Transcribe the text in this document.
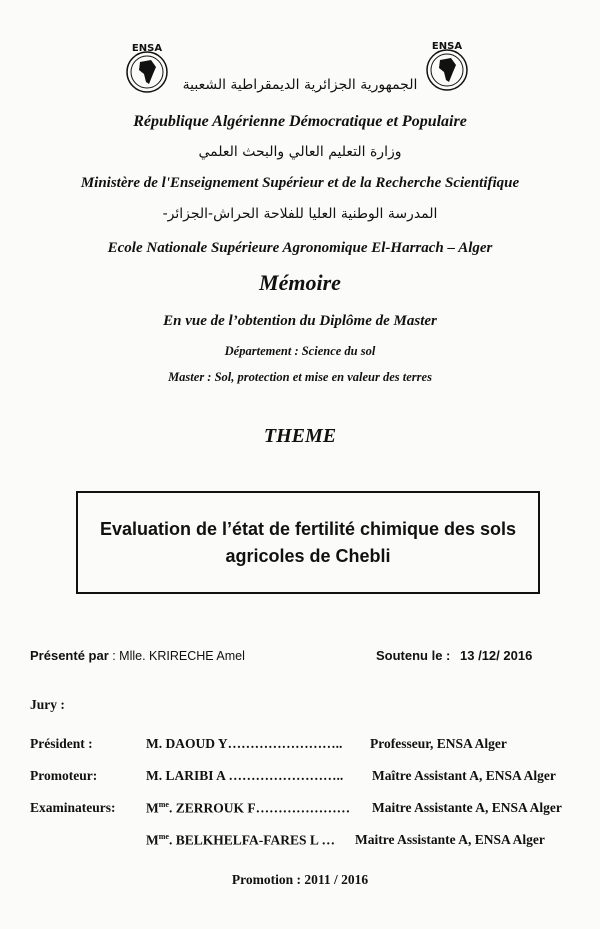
ENSA	ENSA
الجمهورية الجزائرية الديمقراطية الشعبية
République Algérienne Démocratique et Populaire
وزارة التعليم العالي والبحث العلمي
Ministère de l'Enseignement Supérieur et de la Recherche Scientifique
المدرسة الوطنية العليا للفلاحة الحراش-الجزائر-
Ecole Nationale Supérieure Agronomique El-Harrach – Alger
Mémoire
En vue de l’obtention du Diplôme de Master
Département : Science du sol
Master : Sol, protection et mise en valeur des terres
THEME
Evaluation de l’état de fertilité chimique des sols agricoles de Chebli
Présenté par : Mlle. KRIRECHE Amel	Soutenu le : 13 /12/ 2016
Jury :
Président :	M. DAOUD Y…………………….. Professeur, ENSA Alger
Promoteur:	M. LARIBI A …………………….. Maître Assistant A, ENSA Alger
Examinateurs: $M^{me}$. ZERROUK F………………… Maitre Assistante A, ENSA Alger
$M^{me}$. BELKHELFA-FARES L … Maitre Assistante A, ENSA Alger
Promotion : 2011 / 2016
